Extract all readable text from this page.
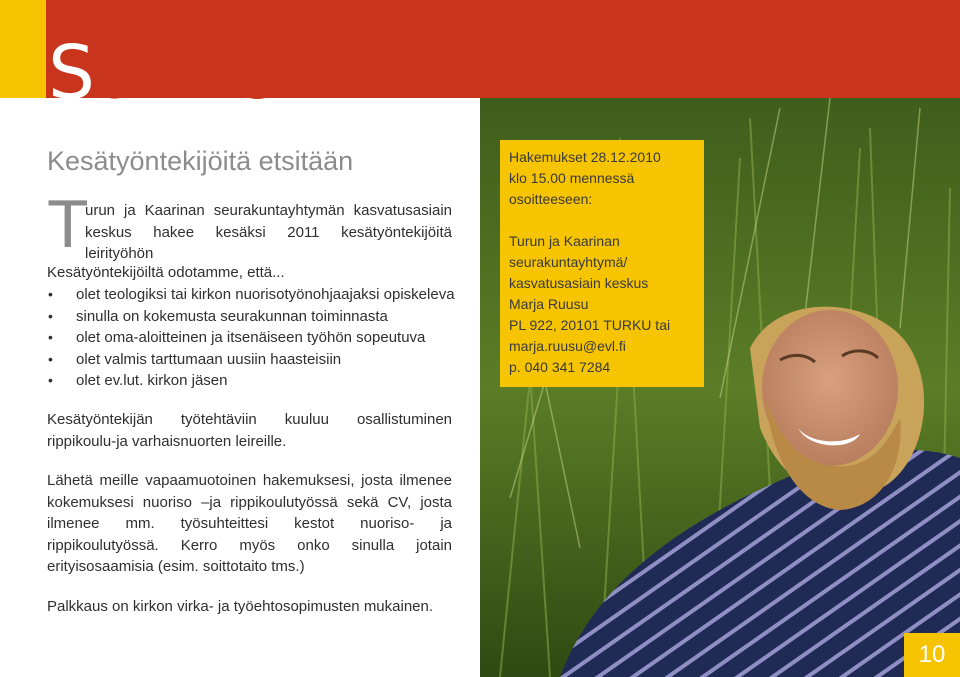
Sähkei
Kesätyöntekijöitä etsitään
T

urun ja Kaarinan seurakuntayhtymän kasvatusasiain

keskus hakee kesäksi 2011 kesätyöntekijöitä leirityöhön

Kesätyöntekijöiltä odotamme, että...

• olet teologiksi tai kirkon nuorisotyönohjaajaksi opiskeleva
• sinulla on kokemusta seurakunnan toiminnasta
• olet oma-aloitteinen ja itsenäiseen työhön sopeutuva
• olet valmis tarttumaan uusiin haasteisiin
• olet ev.lut. kirkon jäsen

Kesätyöntekijän työtehtäviin kuuluu osallistuminen rippikoulu-ja varhaisnuorten leireille.

Lähetä meille vapaamuotoinen hakemuksesi, josta ilmenee kokemuksesi nuoriso –ja rippikoulutyössä sekä CV, josta ilmenee mm. työsuhteittesi kestot nuoriso- ja rippikoulutyössä. Kerro myös onko sinulla jotain erityisosaamisia (esim. soittotaito tms.)

Palkkaus on kirkon virka- ja työehtosopimusten mukainen.

Hakemukset 28.12.2010

klo 15.00 mennessä

osoitteeseen:

Turun ja Kaarinan

seurakuntayhtymä/

kasvatusasiain keskus

Marja Ruusu

PL 922, 20101 TURKU tai

marja.ruusu@evl.fi

p. 040 341 7284

10
